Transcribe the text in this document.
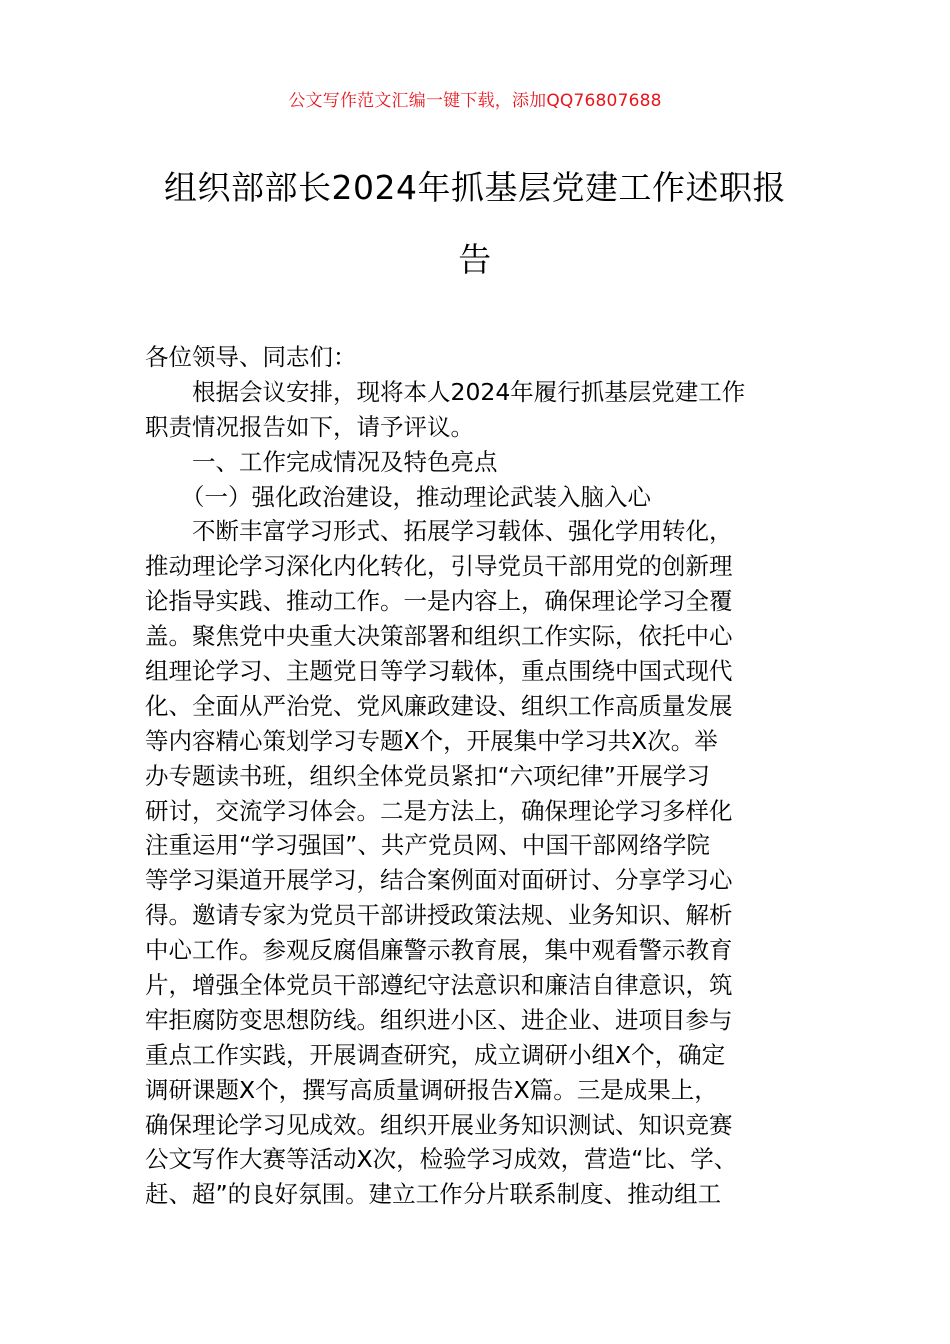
公文写作范文汇编一键下载，添加QQ76807688
组织部部长2024年抓基层党建工作述职报
告
各位领导、同志们：
根据会议安排，现将本人2024年履行抓基层党建工作
职责情况报告如下，请予评议。
一、工作完成情况及特色亮点
（一）强化政治建设，推动理论武装入脑入心
不断丰富学习形式、拓展学习载体、强化学用转化，
推动理论学习深化内化转化，引导党员干部用党的创新理
论指导实践、推动工作。一是内容上，确保理论学习全覆
盖。聚焦党中央重大决策部署和组织工作实际，依托中心
组理论学习、主题党日等学习载体，重点围绕中国式现代
化、全面从严治党、党风廉政建设、组织工作高质量发展
等内容精心策划学习专题X个，开展集中学习共X次。举
办专题读书班，组织全体党员紧扣“六项纪律”开展学习
研讨，交流学习体会。二是方法上，确保理论学习多样化
注重运用“学习强国”、共产党员网、中国干部网络学院
等学习渠道开展学习，结合案例面对面研讨、分享学习心
得。邀请专家为党员干部讲授政策法规、业务知识、解析
中心工作。参观反腐倡廉警示教育展，集中观看警示教育
片，增强全体党员干部遵纪守法意识和廉洁自律意识，筑
牢拒腐防变思想防线。组织进小区、进企业、进项目参与
重点工作实践，开展调查研究，成立调研小组X个，确定
调研课题X个，撰写高质量调研报告X篇。三是成果上，
确保理论学习见成效。组织开展业务知识测试、知识竞赛
公文写作大赛等活动X次，检验学习成效，营造“比、学、
赶、超”的良好氛围。建立工作分片联系制度、推动组工
